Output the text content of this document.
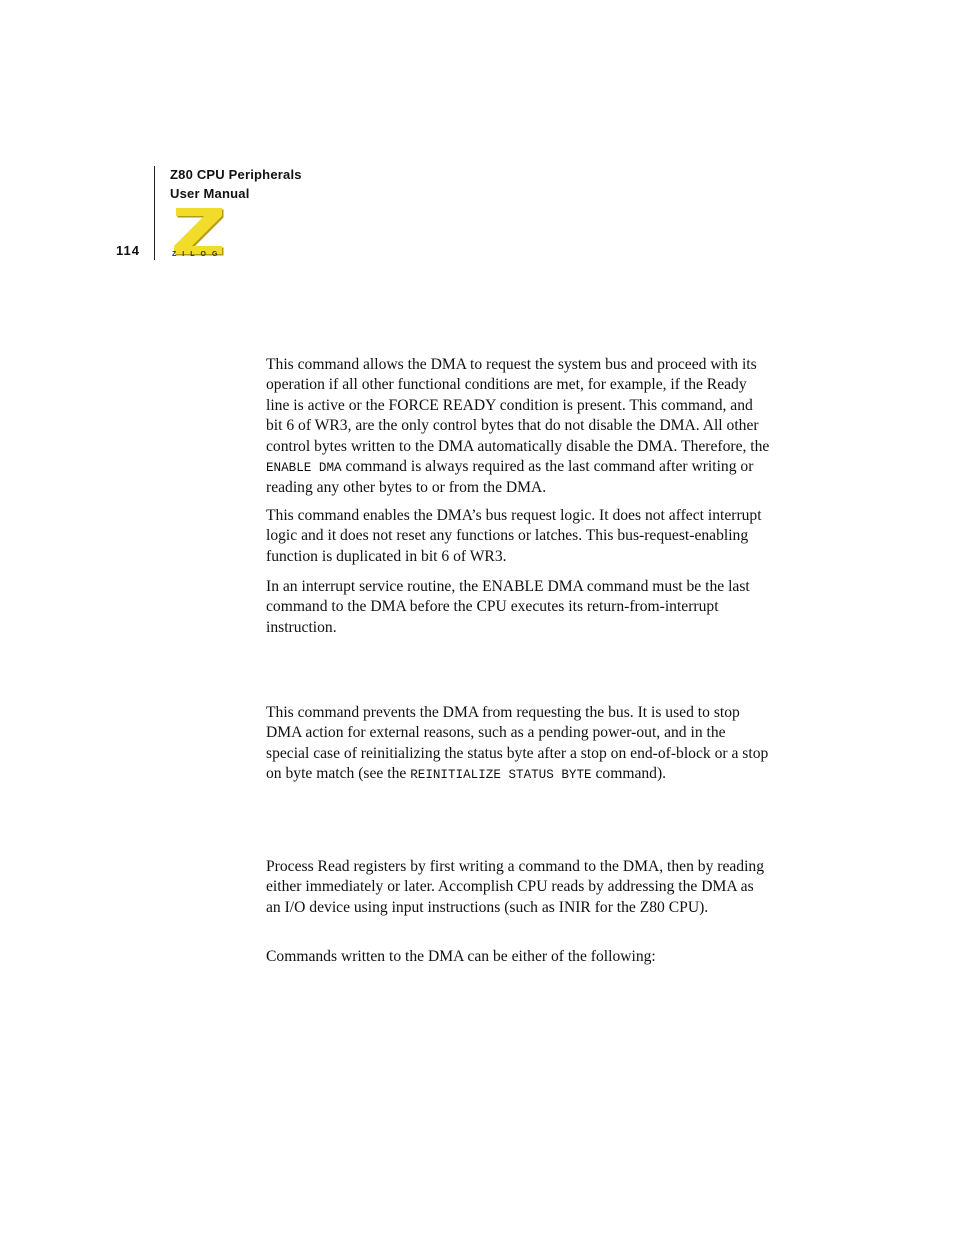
Z80 CPU Peripherals
User Manual
114	ZILOG

This command allows the DMA to request the system bus and proceed with its operation if all other functional conditions are met, for example, if the Ready line is active or the FORCE READY condition is present. This command, and bit 6 of WR3, are the only control bytes that do not disable the DMA. All other control bytes written to the DMA automatically disable the DMA. Therefore, the ENABLE DMA command is always required as the last command after writing or reading any other bytes to or from the DMA.

This command enables the DMA’s bus request logic. It does not affect interrupt logic and it does not reset any functions or latches. This bus-request-enabling function is duplicated in bit 6 of WR3.

In an interrupt service routine, the ENABLE DMA command must be the last command to the DMA before the CPU executes its return-from-interrupt instruction.

This command prevents the DMA from requesting the bus. It is used to stop DMA action for external reasons, such as a pending power-out, and in the special case of reinitializing the status byte after a stop on end-of-block or a stop on byte match (see the REINITIALIZE STATUS BYTE command).

Process Read registers by first writing a command to the DMA, then by reading either immediately or later. Accomplish CPU reads by addressing the DMA as an I/O device using input instructions (such as INIR for the Z80 CPU).

Commands written to the DMA can be either of the following:
